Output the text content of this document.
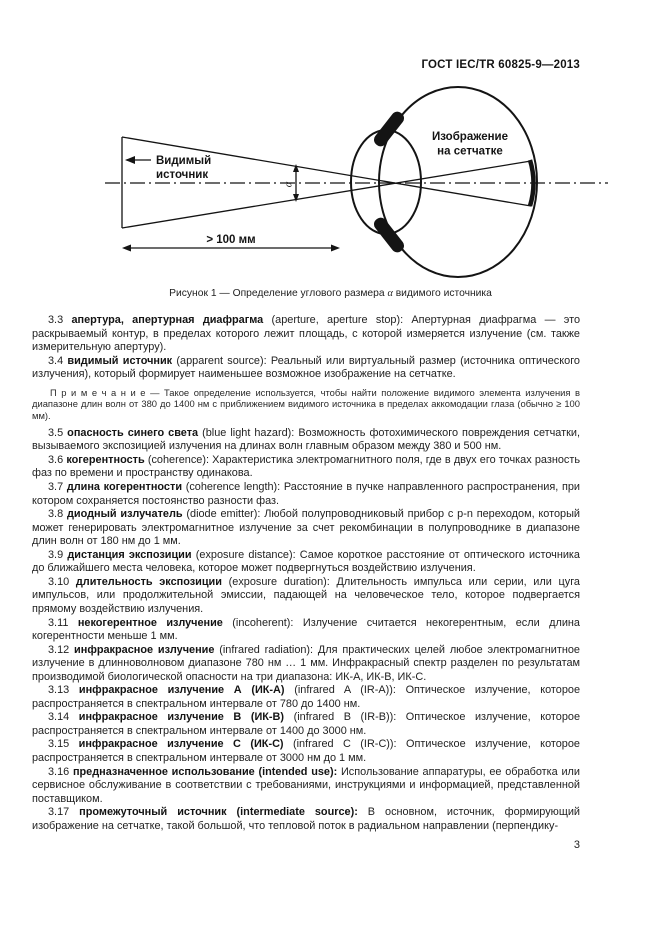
ГОСТ IEC/TR 60825-9—2013
α
Видимый
источник
> 100 мм
Изображение
на сетчатке
Рисунок 1 — Определение углового размера α видимого источника

3.3 апертура, апертурная диафрагма (aperture, aperture stop): Апертурная диафрагма — это раскрываемый контур, в пределах которого лежит площадь, с которой измеряется излучение (см. также измерительную апертуру).

3.4 видимый источник (apparent source): Реальный или виртуальный размер (источника оптического излучения), который формирует наименьшее возможное изображение на сетчатке.

П р и м е ч а н и е — Такое определение используется, чтобы найти положение видимого элемента излучения в диапазоне длин волн от 380 до 1400 нм с приближением видимого источника в пределах аккомодации глаза (обычно ≥ 100 мм).

3.5 опасность синего света (blue light hazard): Возможность фотохимического повреждения сетчатки, вызываемого экспозицией излучения на длинах волн главным образом между 380 и 500 нм.

3.6 когерентность (coherence): Характеристика электромагнитного поля, где в двух его точках разность фаз по времени и пространству одинакова.

3.7 длина когерентности (coherence length): Расстояние в пучке направленного распространения, при котором сохраняется постоянство разности фаз.

3.8 диодный излучатель (diode emitter): Любой полупроводниковый прибор с p-n переходом, который может генерировать электромагнитное излучение за счет рекомбинации в полупроводнике в диапазоне длин волн от 180 нм до 1 мм.

3.9 дистанция экспозиции (exposure distance): Самое короткое расстояние от оптического источника до ближайшего места человека, которое может подвергнуться воздействию излучения.

3.10 длительность экспозиции (exposure duration): Длительность импульса или серии, или цуга импульсов, или продолжительной эмиссии, падающей на человеческое тело, которое подвергается прямому воздействию излучения.

3.11 некогерентное излучение (incoherent): Излучение считается некогерентным, если длина когерентности меньше 1 мм.

3.12 инфракрасное излучение (infrared radiation): Для практических целей любое электромагнитное излучение в длинноволновом диапазоне 780 нм … 1 мм. Инфракрасный спектр разделен по результатам производимой биологической опасности на три диапазона: ИК-А, ИК-В, ИК-С.

3.13 инфракрасное излучение А (ИК-А) (infrared A (IR-A)): Оптическое излучение, которое распространяется в спектральном интервале от 780 до 1400 нм.

3.14 инфракрасное излучение В (ИК-В) (infrared B (IR-B)): Оптическое излучение, которое распространяется в спектральном интервале от 1400 до 3000 нм.

3.15 инфракрасное излучение С (ИК-С) (infrared C (IR-C)): Оптическое излучение, которое распространяется в спектральном интервале от 3000 нм до 1 мм.

3.16 предназначенное использование (intended use): Использование аппаратуры, ее обработка или сервисное обслуживание в соответствии с требованиями, инструкциями и информацией, представленной поставщиком.

3.17 промежуточный источник (intermediate source): В основном, источник, формирующий изображение на сетчатке, такой большой, что тепловой поток в радиальном направлении (перпендику-

3
